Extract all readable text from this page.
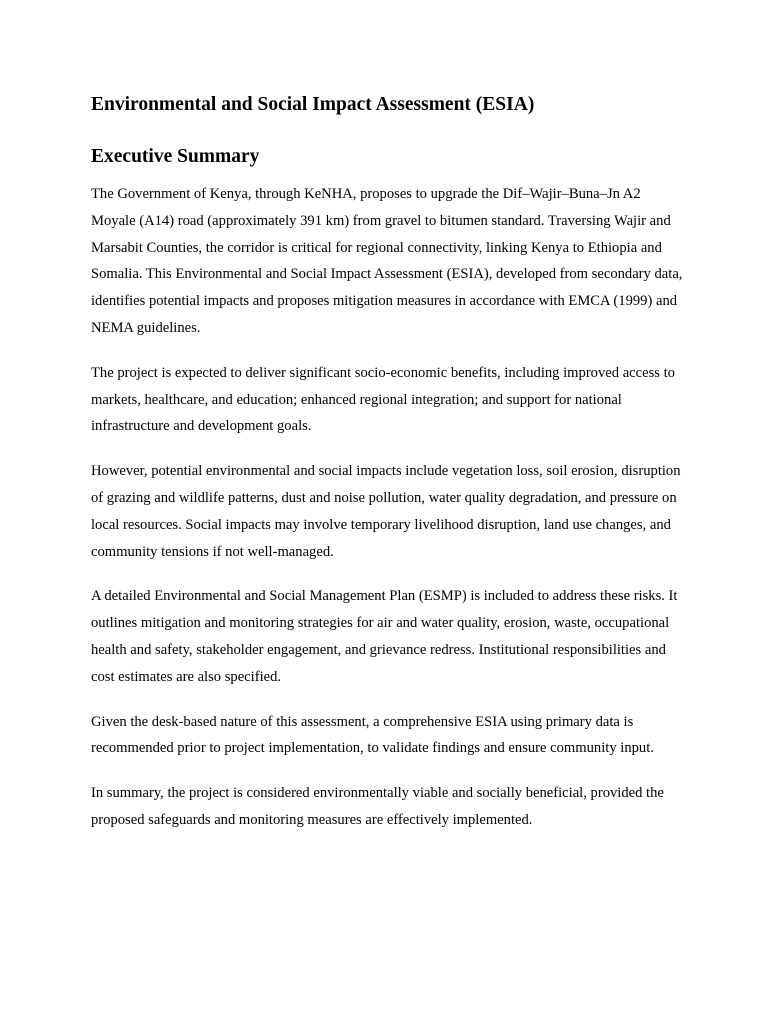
Environmental and Social Impact Assessment (ESIA)
Executive Summary

The Government of Kenya, through KeNHA, proposes to upgrade the Dif–Wajir–Buna–Jn A2 Moyale (A14) road (approximately 391 km) from gravel to bitumen standard. Traversing Wajir and Marsabit Counties, the corridor is critical for regional connectivity, linking Kenya to Ethiopia and Somalia. This Environmental and Social Impact Assessment (ESIA), developed from secondary data, identifies potential impacts and proposes mitigation measures in accordance with EMCA (1999) and NEMA guidelines.

The project is expected to deliver significant socio-economic benefits, including improved access to markets, healthcare, and education; enhanced regional integration; and support for national infrastructure and development goals.

However, potential environmental and social impacts include vegetation loss, soil erosion, disruption of grazing and wildlife patterns, dust and noise pollution, water quality degradation, and pressure on local resources. Social impacts may involve temporary livelihood disruption, land use changes, and community tensions if not well-managed.

A detailed Environmental and Social Management Plan (ESMP) is included to address these risks. It outlines mitigation and monitoring strategies for air and water quality, erosion, waste, occupational health and safety, stakeholder engagement, and grievance redress. Institutional responsibilities and cost estimates are also specified.

Given the desk-based nature of this assessment, a comprehensive ESIA using primary data is recommended prior to project implementation, to validate findings and ensure community input.

In summary, the project is considered environmentally viable and socially beneficial, provided the proposed safeguards and monitoring measures are effectively implemented.
